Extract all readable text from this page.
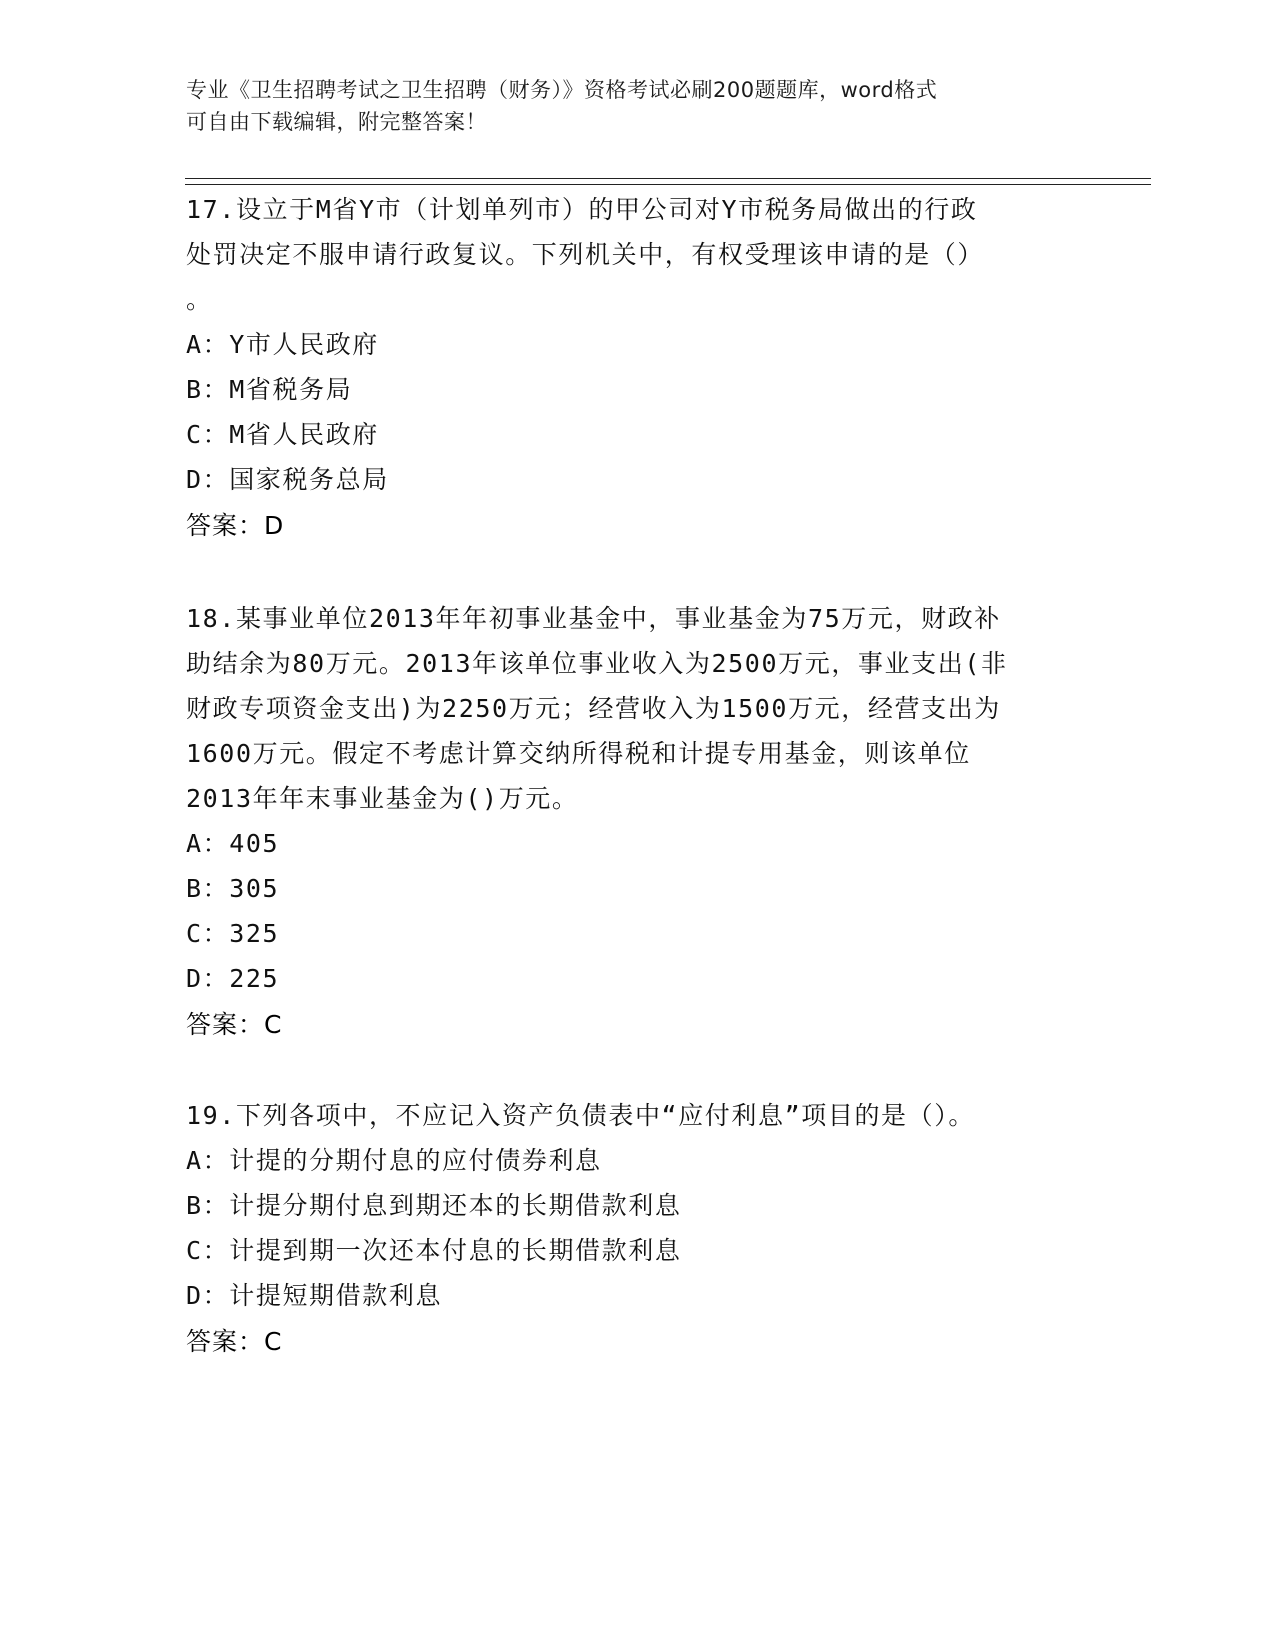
专业《卫生招聘考试之卫生招聘（财务）》资格考试必刷200题题库，word格式
可自由下载编辑，附完整答案！
17.设立于M省Y市（计划单列市）的甲公司对Y市税务局做出的行政
处罚决定不服申请行政复议。下列机关中，有权受理该申请的是（）
。
A：Y市人民政府
B：M省税务局
C：M省人民政府
D：国家税务总局
答案：D
18.某事业单位2013年年初事业基金中，事业基金为75万元，财政补
助结余为80万元。2013年该单位事业收入为2500万元，事业支出(非
财政专项资金支出)为2250万元；经营收入为1500万元，经营支出为
1600万元。假定不考虑计算交纳所得税和计提专用基金，则该单位
2013年年末事业基金为()万元。
A：405
B：305
C：325
D：225
答案：C
19.下列各项中，不应记入资产负债表中“应付利息”项目的是（）。
A：计提的分期付息的应付债券利息
B：计提分期付息到期还本的长期借款利息
C：计提到期一次还本付息的长期借款利息
D：计提短期借款利息
答案：C
